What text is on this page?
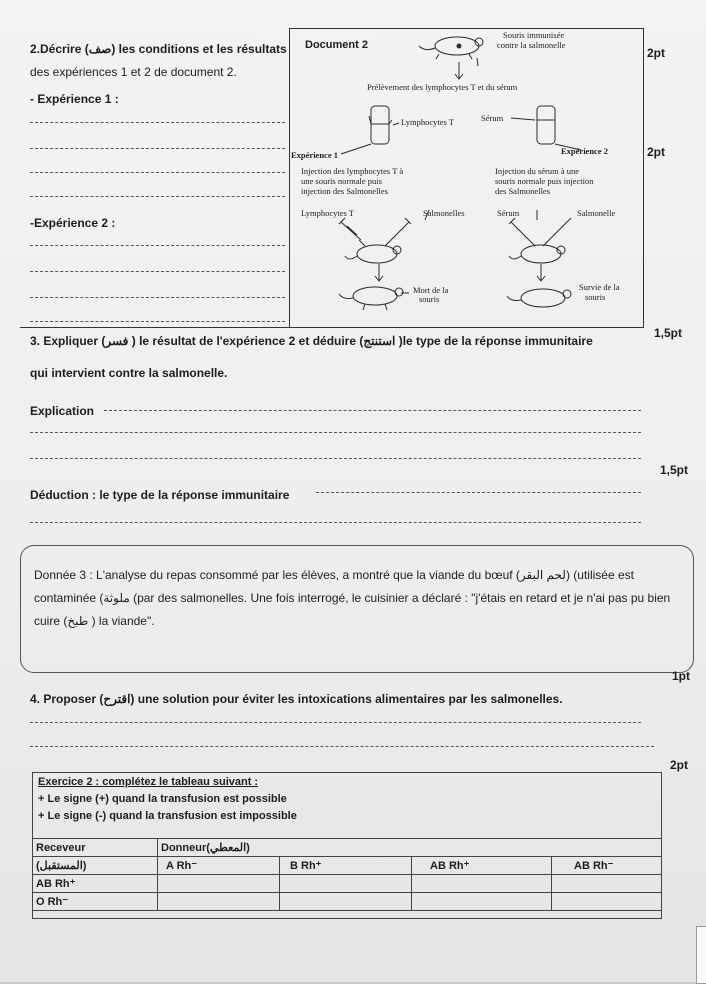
2.Décrire (صف) les conditions et les résultats
des expériences 1 et 2 de document 2.
2pt
2pt
- Expérience 1 :
-Expérience 2 :
Document 2
Souris immunisée
contre la salmonelle
Prélèvement des lymphocytes T et du sérum
Lymphocytes T	Sérum
Expérience 1	Expérience 2
Injection des lymphocytes T à
une souris normale puis
injection des Salmonelles
Injection du sérum à une
souris normale puis injection
des Salmonelles
Lymphocytes T	Salmonelles	Sérum	Salmonelle
Mort de la
souris
Survie de la
souris
3. Expliquer (فسر ) le résultat de l'expérience 2 et déduire (استنتج )le type de la réponse immunitaire
1,5pt
qui intervient contre la salmonelle.
Explication
1,5pt
Déduction : le type de la réponse immunitaire
Donnée 3 : L'analyse du repas consommé par les élèves, a montré que la viande du bœuf (لحم البقر) (utilisée est contaminée (ملوثة (par des salmonelles. Une fois interrogé, le cuisinier a déclaré : "j'étais en retard et je n'ai pas pu bien cuire (طبخ ) la viande".
1pt
4. Proposer (اقترح) une solution pour éviter les intoxications alimentaires par les salmonelles.
2pt
Exercice 2 : complétez le tableau suivant :
+ Le signe (+) quand la transfusion est possible
+ Le signe (-) quand la transfusion est impossible
Receveur	Donneur(المعطي)			
(المستقبل)	A Rh⁻	B Rh⁺	AB Rh⁺	AB Rh⁻
AB Rh⁺				
O Rh⁻				
